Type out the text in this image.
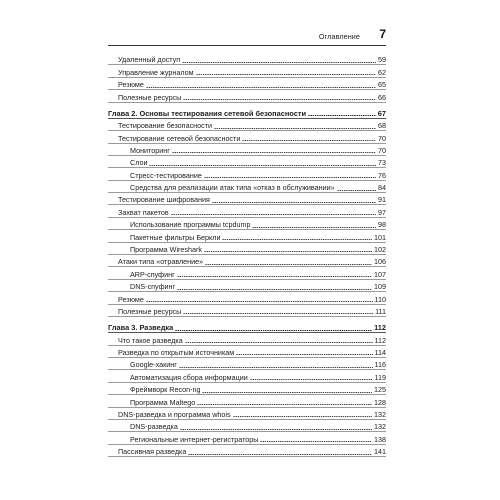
Оглавление 7
Удаленный доступ	59
Управление журналом	62
Резюме	65
Полезные ресурсы	66
Глава 2. Основы тестирования сетевой безопасности	67
Тестирование безопасности	68
Тестирование сетевой безопасности	70
Мониторинг	70
Слои	73
Стресс-тестирование	76
Средства для реализации атак типа «отказ в обслуживании»	84
Тестирование шифрования	91
Захват пакетов	97
Использование программы tcpdump	98
Пакетные фильтры Беркли	101
Программа Wireshark	102
Атаки типа «отравление»	106
ARP-спуфинг	107
DNS-спуфинг	109
Резюме	110
Полезные ресурсы	111
Глава 3. Разведка	112
Что такое разведка	112
Разведка по открытым источникам	114
Google-хакинг	116
Автоматизация сбора информации	119
Фреймворк Recon-ng	125
Программа Maltego	128
DNS-разведка и программа whois	132
DNS-разведка	132
Региональные интернет-регистраторы	138
Пассивная разведка	141
